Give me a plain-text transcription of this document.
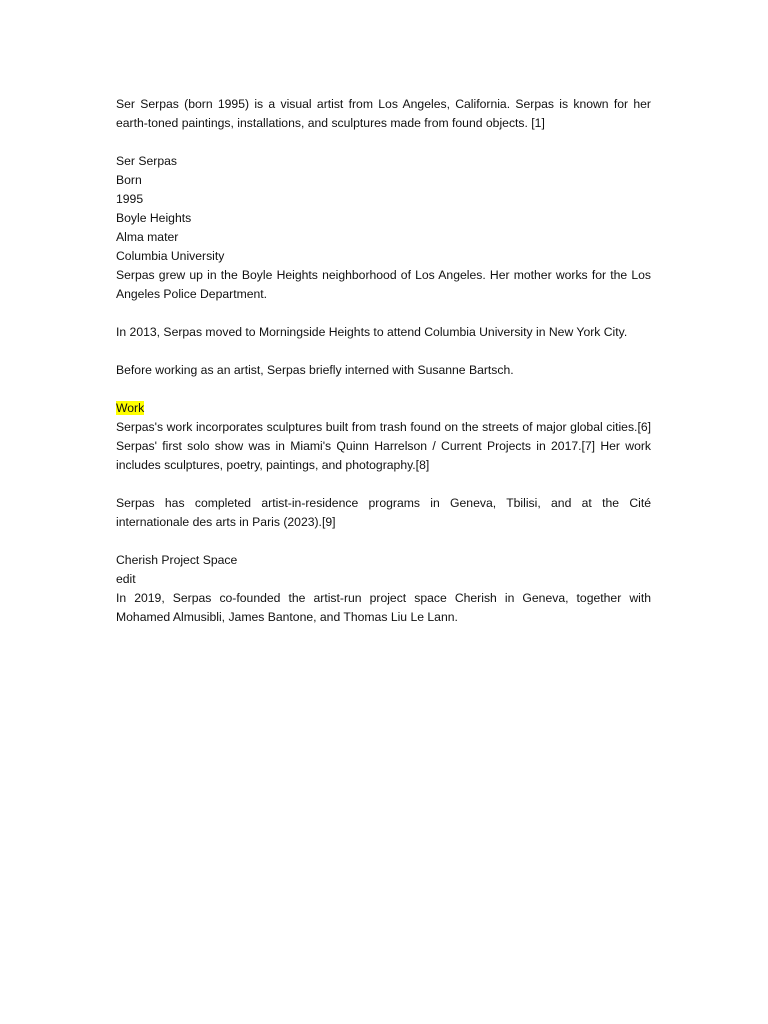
Ser Serpas (born 1995) is a visual artist from Los Angeles, California. Serpas is known for her earth-toned paintings, installations, and sculptures made from found objects. [1]

Ser Serpas

Born

1995

Boyle Heights

Alma mater

Columbia University

Serpas grew up in the Boyle Heights neighborhood of Los Angeles. Her mother works for the Los Angeles Police Department.

In 2013, Serpas moved to Morningside Heights to attend Columbia University in New York City.

Before working as an artist, Serpas briefly interned with Susanne Bartsch.

Work

Serpas's work incorporates sculptures built from trash found on the streets of major global cities.[6] Serpas' first solo show was in Miami's Quinn Harrelson / Current Projects in 2017.[7] Her work includes sculptures, poetry, paintings, and photography.[8]

Serpas has completed artist-in-residence programs in Geneva, Tbilisi, and at the Cité internationale des arts in Paris (2023).[9]

Cherish Project Space

edit

In 2019, Serpas co-founded the artist-run project space Cherish in Geneva, together with Mohamed Almusibli, James Bantone, and Thomas Liu Le Lann.
